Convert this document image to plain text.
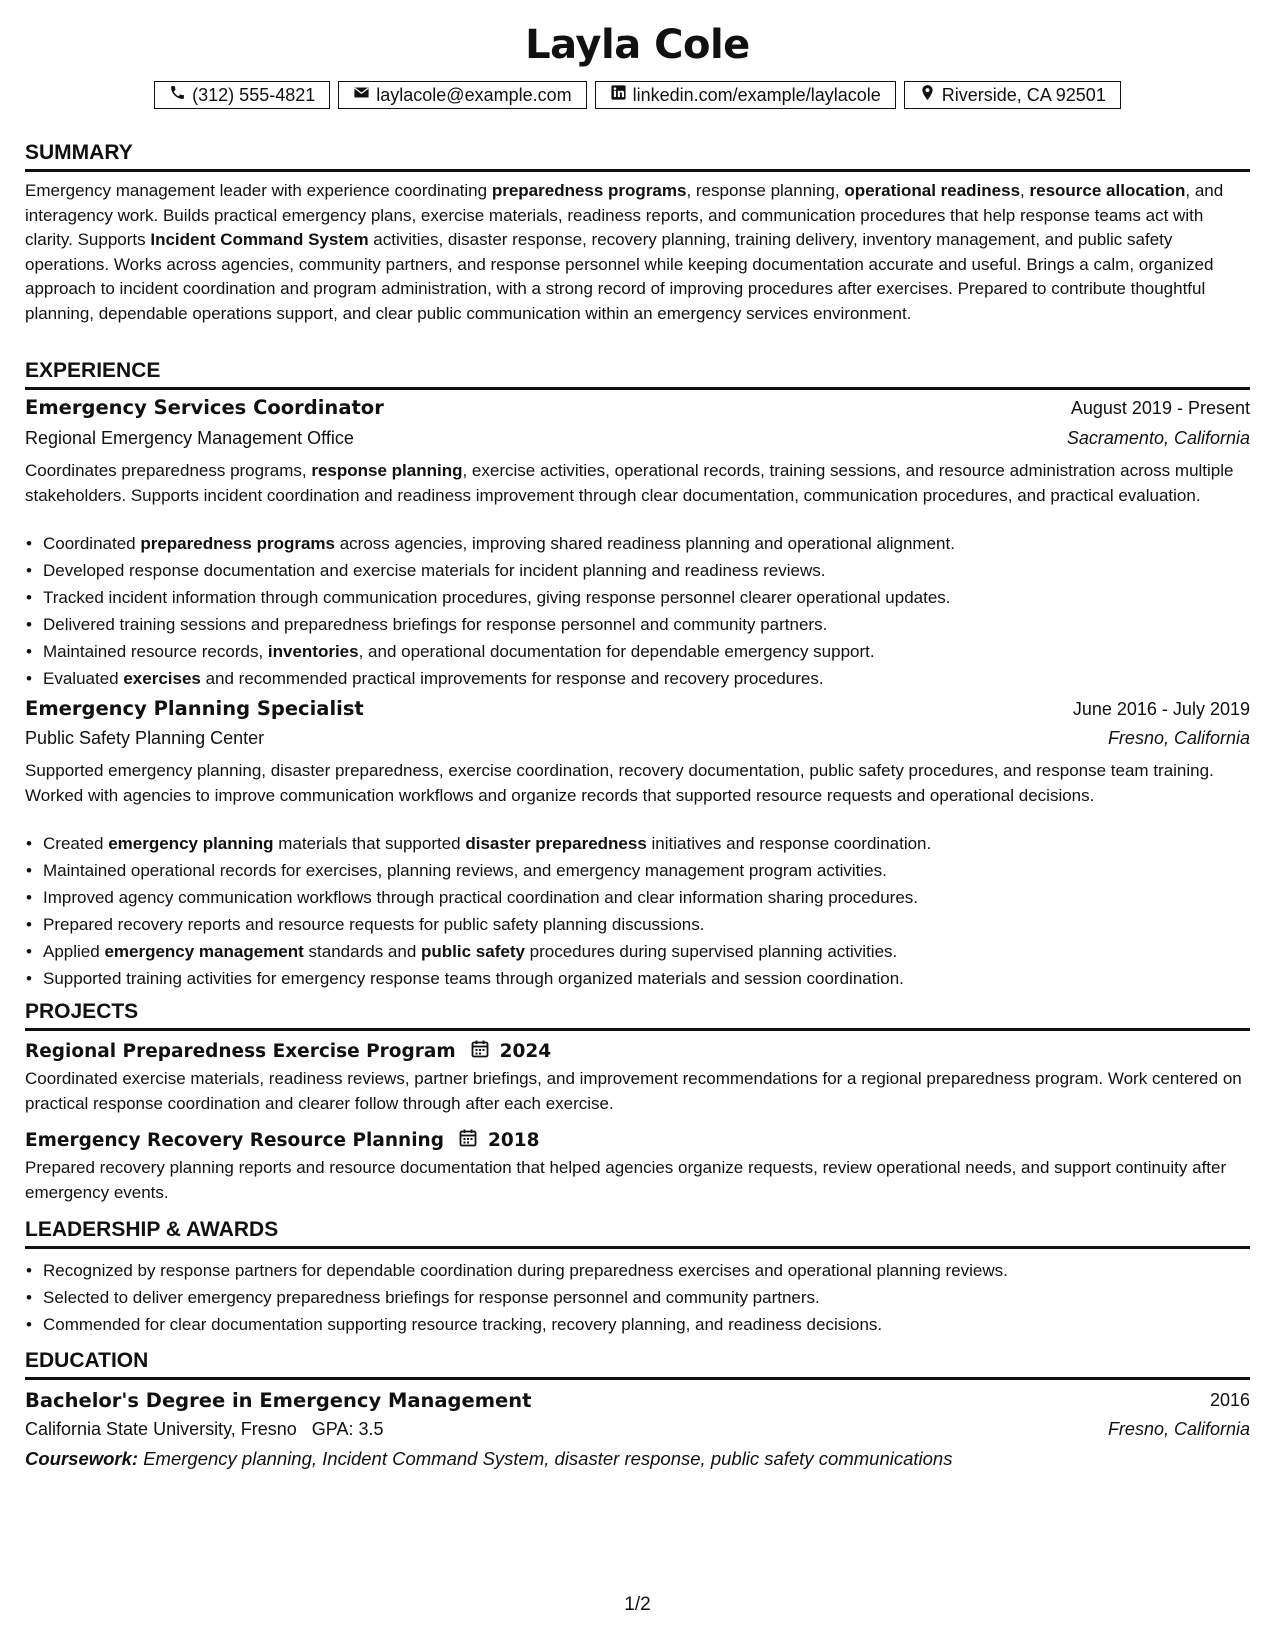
Layla Cole
(312) 555-4821	laylacole@example.com	linkedin.com/example/laylacole	Riverside, CA 92501
SUMMARY
Emergency management leader with experience coordinating preparedness programs, response planning, operational readiness, resource allocation, and interagency work. Builds practical emergency plans, exercise materials, readiness reports, and communication procedures that help response teams act with clarity. Supports Incident Command System activities, disaster response, recovery planning, training delivery, inventory management, and public safety operations. Works across agencies, community partners, and response personnel while keeping documentation accurate and useful. Brings a calm, organized approach to incident coordination and program administration, with a strong record of improving procedures after exercises. Prepared to contribute thoughtful planning, dependable operations support, and clear public communication within an emergency services environment.
EXPERIENCE
Emergency Services Coordinator	August 2019 - Present
Regional Emergency Management Office	Sacramento, California
Coordinates preparedness programs, response planning, exercise activities, operational records, training sessions, and resource administration across multiple stakeholders. Supports incident coordination and readiness improvement through clear documentation, communication procedures, and practical evaluation.
• Coordinated preparedness programs across agencies, improving shared readiness planning and operational alignment.
• Developed response documentation and exercise materials for incident planning and readiness reviews.
• Tracked incident information through communication procedures, giving response personnel clearer operational updates.
• Delivered training sessions and preparedness briefings for response personnel and community partners.
• Maintained resource records, inventories, and operational documentation for dependable emergency support.
• Evaluated exercises and recommended practical improvements for response and recovery procedures.
Emergency Planning Specialist	June 2016 - July 2019
Public Safety Planning Center	Fresno, California
Supported emergency planning, disaster preparedness, exercise coordination, recovery documentation, public safety procedures, and response team training. Worked with agencies to improve communication workflows and organize records that supported resource requests and operational decisions.
• Created emergency planning materials that supported disaster preparedness initiatives and response coordination.
• Maintained operational records for exercises, planning reviews, and emergency management program activities.
• Improved agency communication workflows through practical coordination and clear information sharing procedures.
• Prepared recovery reports and resource requests for public safety planning discussions.
• Applied emergency management standards and public safety procedures during supervised planning activities.
• Supported training activities for emergency response teams through organized materials and session coordination.
PROJECTS
Regional Preparedness Exercise Program 2024
Coordinated exercise materials, readiness reviews, partner briefings, and improvement recommendations for a regional preparedness program. Work centered on practical response coordination and clearer follow through after each exercise.
Emergency Recovery Resource Planning 2018
Prepared recovery planning reports and resource documentation that helped agencies organize requests, review operational needs, and support continuity after emergency events.
LEADERSHIP & AWARDS
• Recognized by response partners for dependable coordination during preparedness exercises and operational planning reviews.
• Selected to deliver emergency preparedness briefings for response personnel and community partners.
• Commended for clear documentation supporting resource tracking, recovery planning, and readiness decisions.
EDUCATION
Bachelor's Degree in Emergency Management	2016
California State University, Fresno GPA: 3.5	Fresno, California
Coursework: Emergency planning, Incident Command System, disaster response, public safety communications
1/2
